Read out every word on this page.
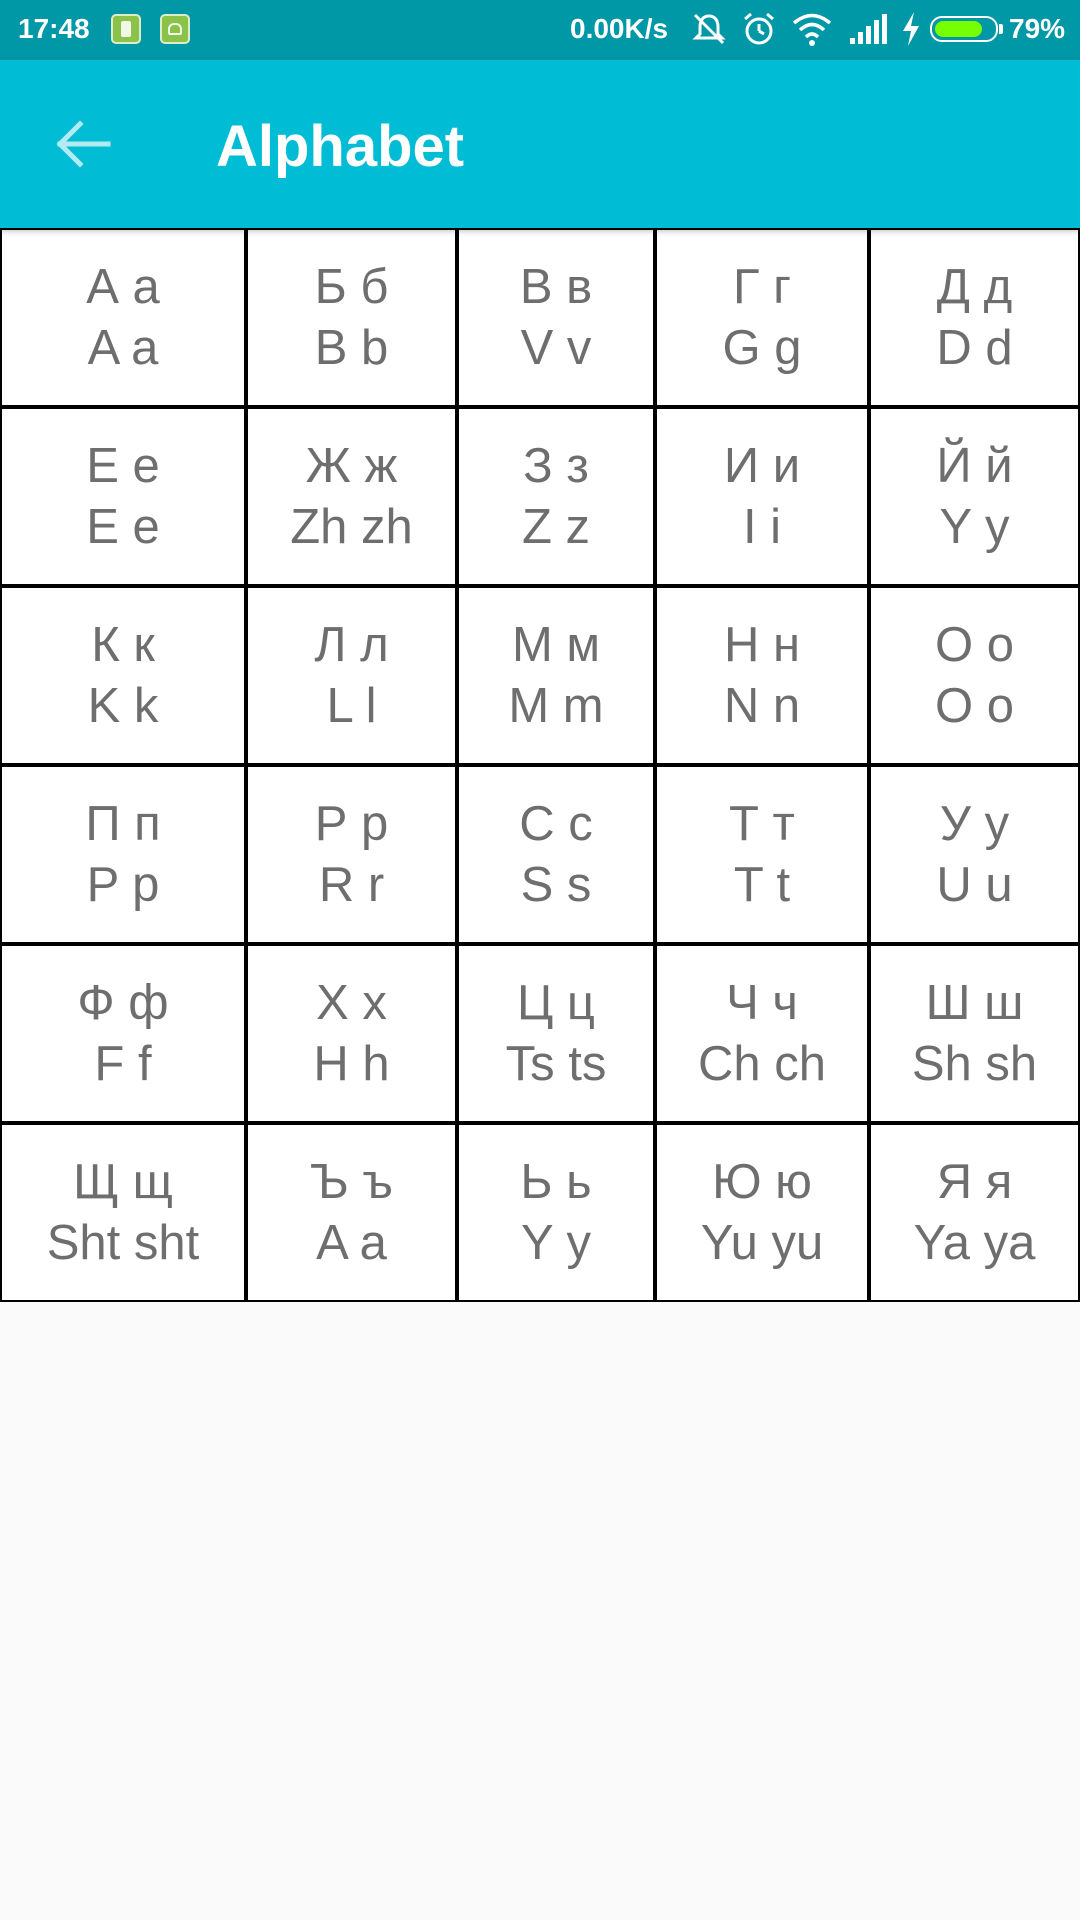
17:48	0.00K/s	79%
Alphabet
А а
A a
Б б
B b
В в
V v
Г г
G g
Д д
D d
Е е
E e
Ж ж
Zh zh
З з
Z z
И и
I i
Й й
Y y
К к
K k
Л л
L l
М м
M m
Н н
N n
О о
O o
П п
P p
Р р
R r
С с
S s
Т т
T t
У у
U u
Ф ф
F f
Х х
H h
Ц ц
Ts ts
Ч ч
Ch ch
Ш ш
Sh sh
Щ щ
Sht sht
Ъ ъ
A a
Ь ь
Y y
Ю ю
Yu yu
Я я
Ya ya
